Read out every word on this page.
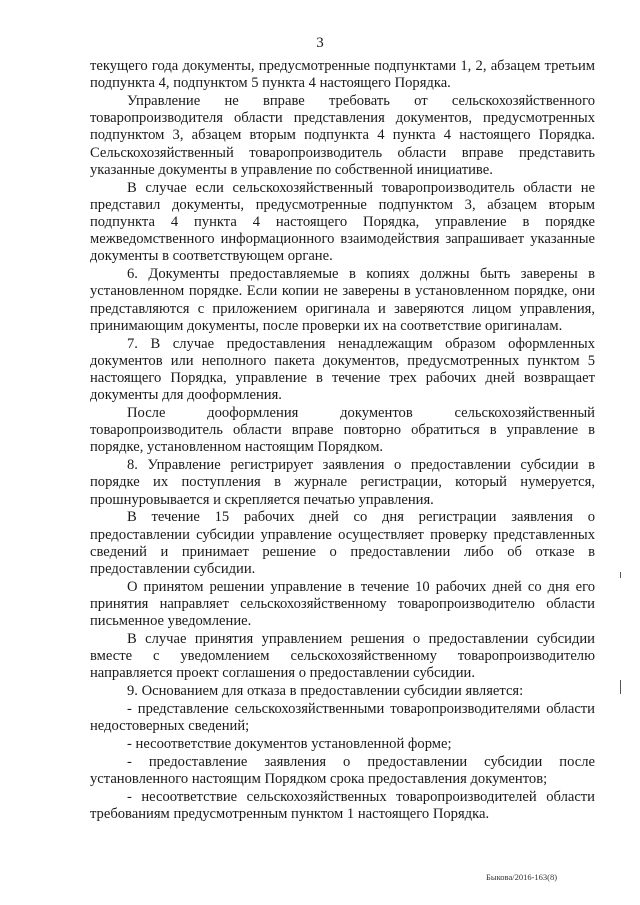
3

текущего года документы, предусмотренные подпунктами 1, 2, абзацем третьим подпункта 4, подпунктом 5 пункта 4 настоящего Порядка.

Управление не вправе требовать от сельскохозяйственного товаропроизводителя области представления документов, предусмотренных подпунктом 3, абзацем вторым подпункта 4 пункта 4 настоящего Порядка. Сельскохозяйственный товаропроизводитель области вправе представить указанные документы в управление по собственной инициативе.

В случае если сельскохозяйственный товаропроизводитель области не представил документы, предусмотренные подпунктом 3, абзацем вторым подпункта 4 пункта 4 настоящего Порядка, управление в порядке межведомственного информационного взаимодействия запрашивает указанные документы в соответствующем органе.

6. Документы предоставляемые в копиях должны быть заверены в установленном порядке. Если копии не заверены в установленном порядке, они представляются с приложением оригинала и заверяются лицом управления, принимающим документы, после проверки их на соответствие оригиналам.

7. В случае предоставления ненадлежащим образом оформленных документов или неполного пакета документов, предусмотренных пунктом 5 настоящего Порядка, управление в течение трех рабочих дней возвращает документы для дооформления.

После дооформления документов сельскохозяйственный товаропроизводитель области вправе повторно обратиться в управление в порядке, установленном настоящим Порядком.

8. Управление регистрирует заявления о предоставлении субсидии в порядке их поступления в журнале регистрации, который нумеруется, прошнуровывается и скрепляется печатью управления.

В течение 15 рабочих дней со дня регистрации заявления о предоставлении субсидии управление осуществляет проверку представленных сведений и принимает решение о предоставлении либо об отказе в предоставлении субсидии.

О принятом решении управление в течение 10 рабочих дней со дня его принятия направляет сельскохозяйственному товаропроизводителю области письменное уведомление.

В случае принятия управлением решения о предоставлении субсидии вместе с уведомлением сельскохозяйственному товаропроизводителю направляется проект соглашения о предоставлении субсидии.

9. Основанием для отказа в предоставлении субсидии является:

- представление сельскохозяйственными товаропроизводителями области недостоверных сведений;

- несоответствие документов установленной форме;

- предоставление заявления о предоставлении субсидии после установленного настоящим Порядком срока предоставления документов;

- несоответствие сельскохозяйственных товаропроизводителей области требованиям предусмотренным пунктом 1 настоящего Порядка.

Быкова/2016-163(8)
